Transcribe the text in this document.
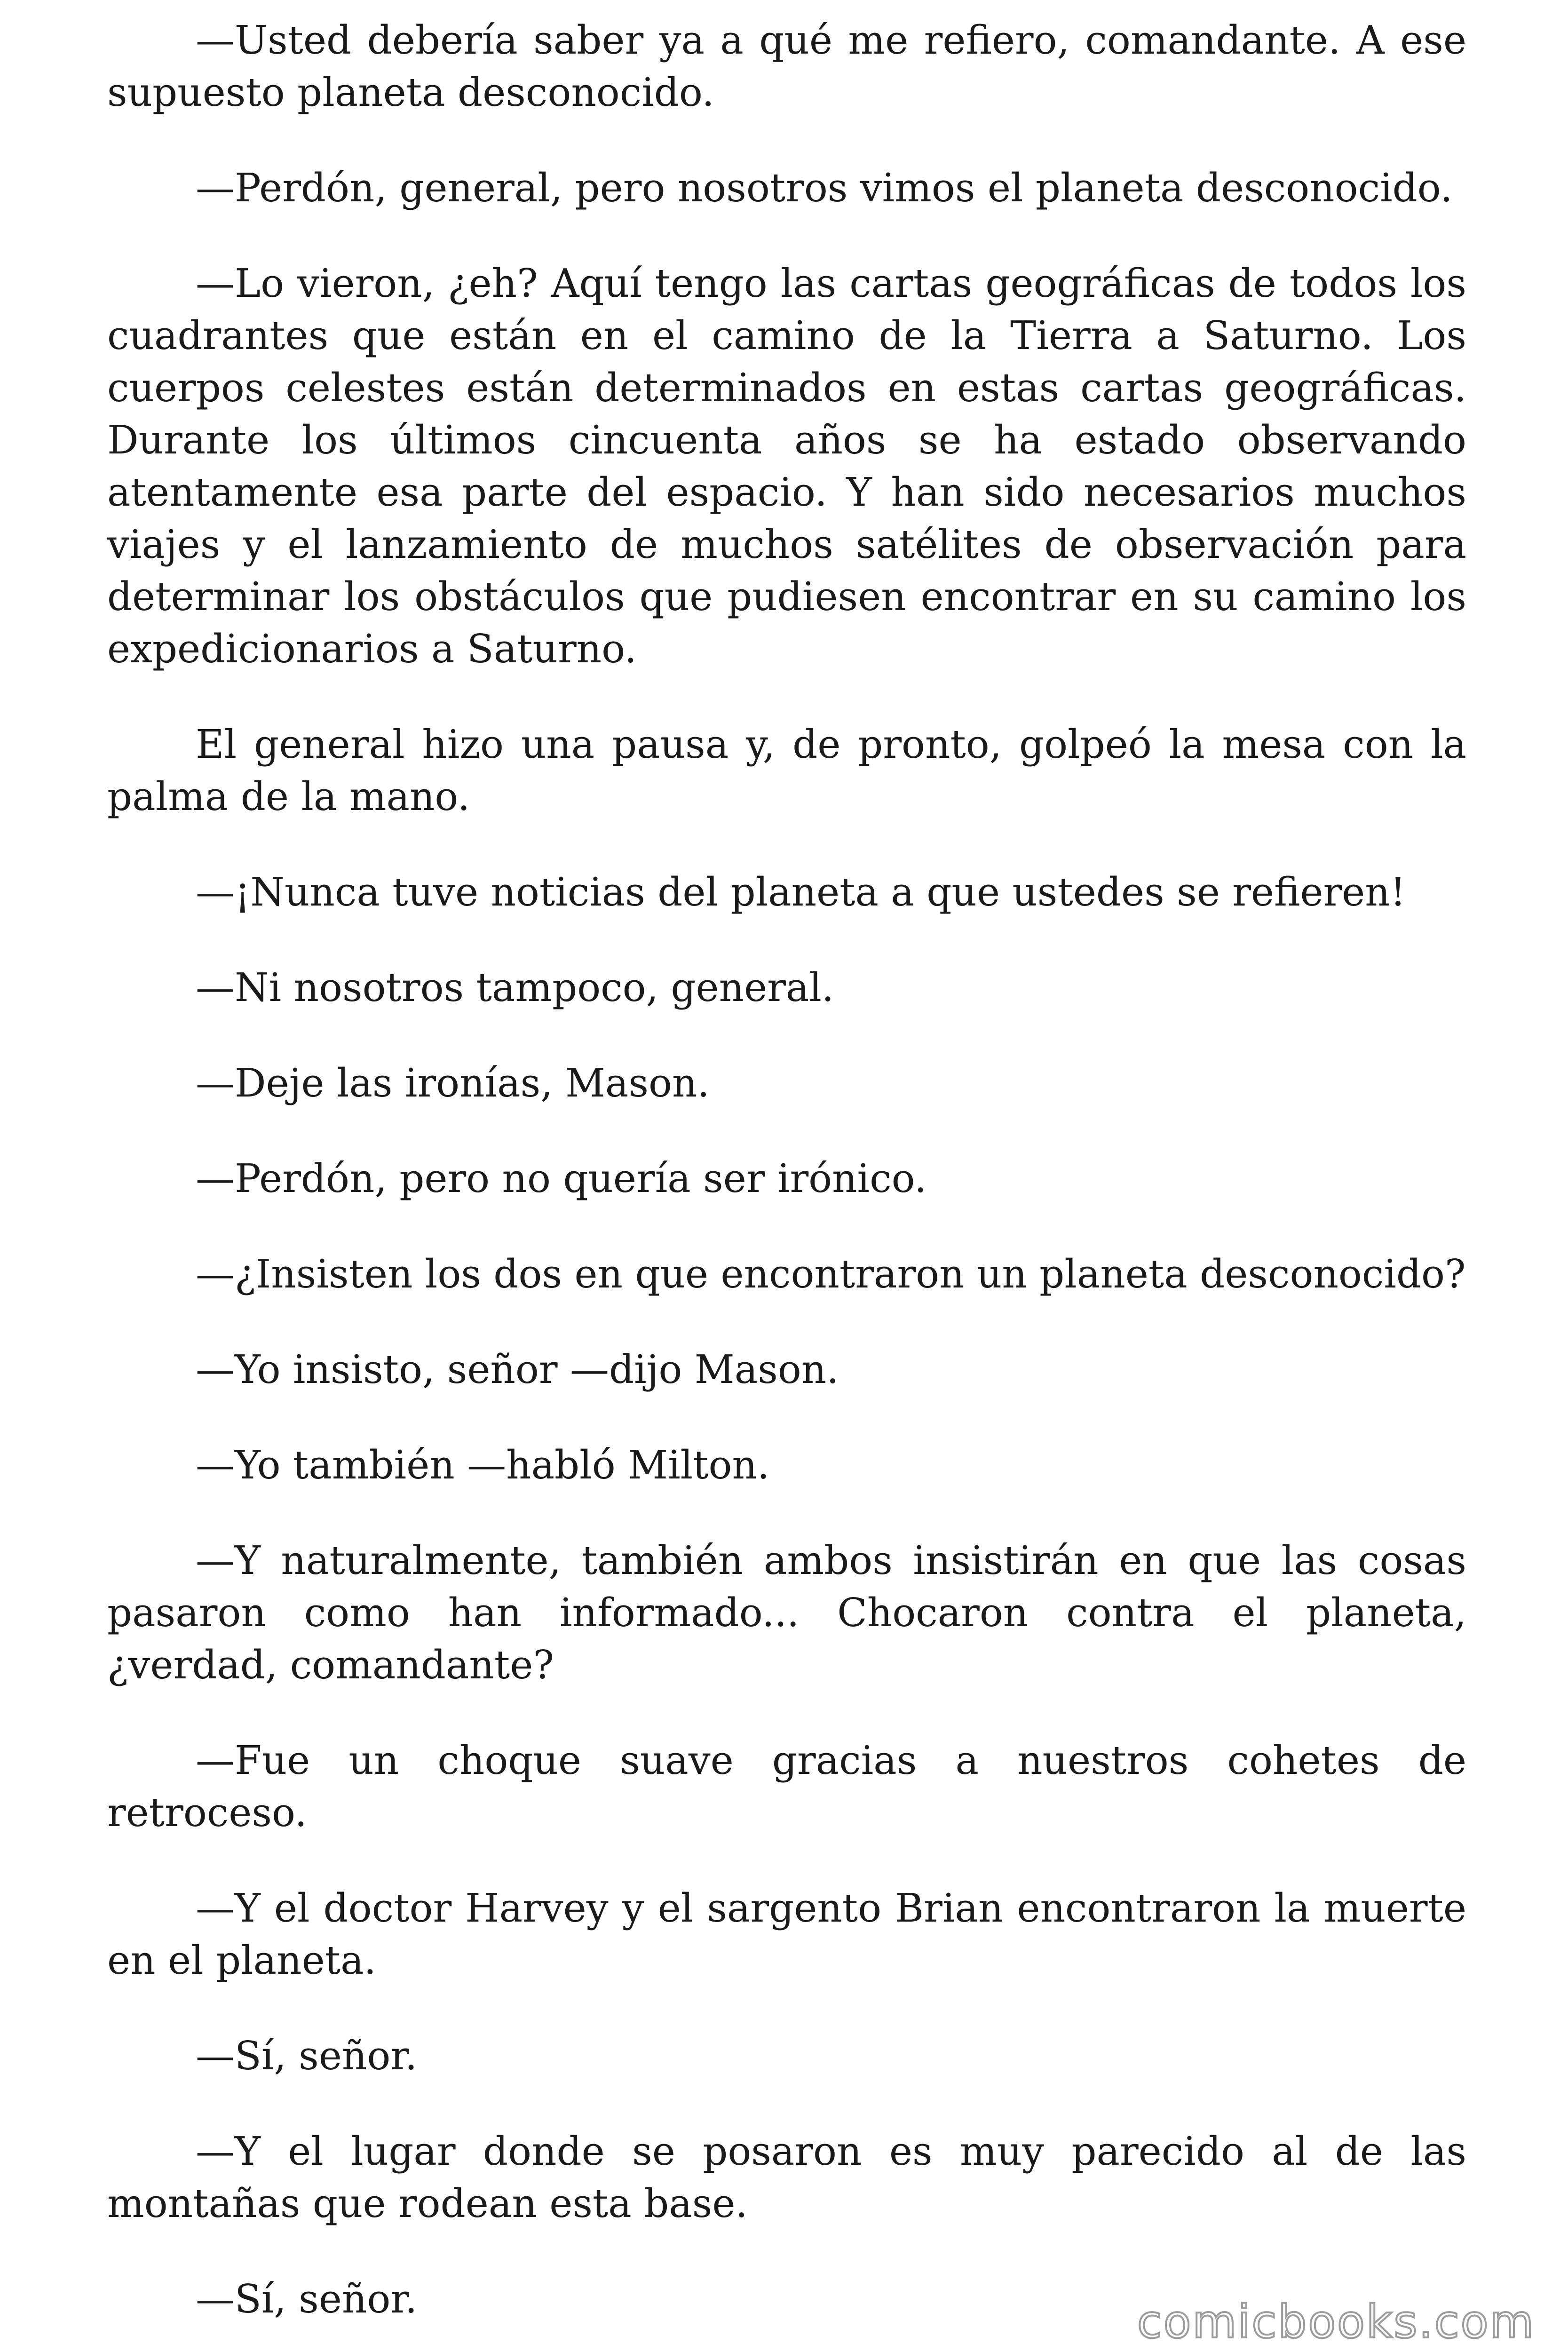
—Usted debería saber ya a qué me refiero, comandante. A ese supuesto planeta desconocido.

—Perdón, general, pero nosotros vimos el planeta desconocido.

—Lo vieron, ¿eh? Aquí tengo las cartas geográficas de todos los cuadrantes que están en el camino de la Tierra a Saturno. Los cuerpos celestes están determinados en estas cartas geográficas. Durante los últimos cincuenta años se ha estado observando atentamente esa parte del espacio. Y han sido necesarios muchos viajes y el lanzamiento de muchos satélites de observación para determinar los obstáculos que pudiesen encontrar en su camino los expedicionarios a Saturno.

El general hizo una pausa y, de pronto, golpeó la mesa con la palma de la mano.

—¡Nunca tuve noticias del planeta a que ustedes se refieren!

—Ni nosotros tampoco, general.

—Deje las ironías, Mason.

—Perdón, pero no quería ser irónico.

—¿Insisten los dos en que encontraron un planeta desconocido?

—Yo insisto, señor —dijo Mason.

—Yo también —habló Milton.

—Y naturalmente, también ambos insistirán en que las cosas pasaron como han informado... Chocaron contra el planeta, ¿verdad, comandante?

—Fue un choque suave gracias a nuestros cohetes de retroceso.

—Y el doctor Harvey y el sargento Brian encontraron la muerte en el planeta.

—Sí, señor.

—Y el lugar donde se posaron es muy parecido al de las montañas que rodean esta base.

—Sí, señor.	comicbooks.com
